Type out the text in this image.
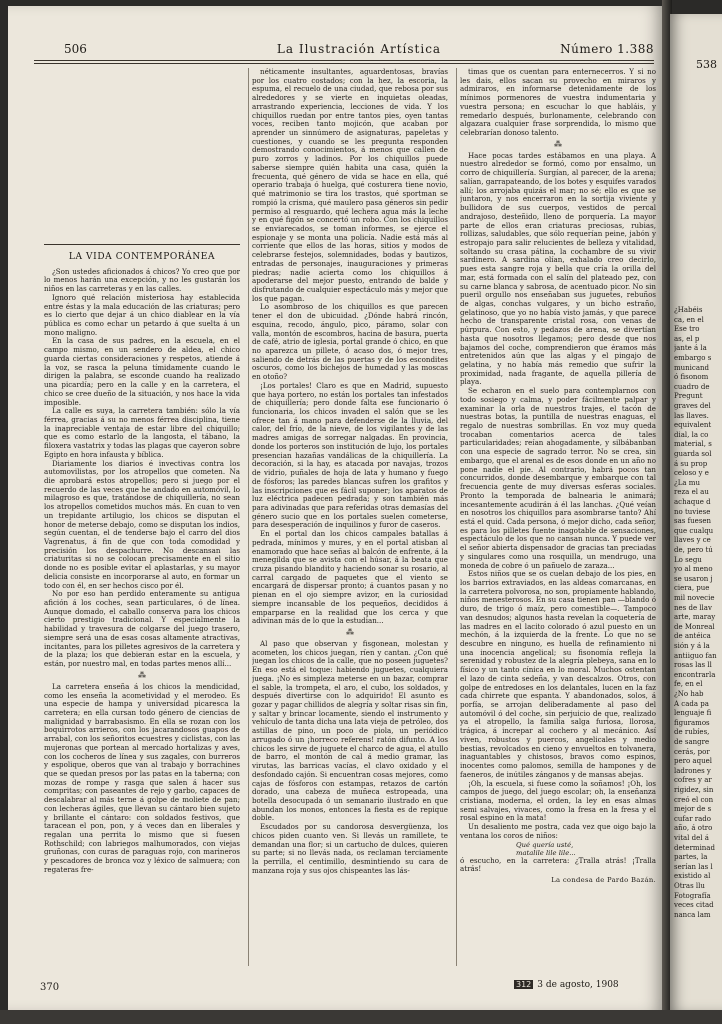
538
¿Habéis
ca, en el
Ese tro
as, el p
jante á la
embargo s
municand
ó fisonom
cuadro de
Pregunt
graves del
las llaves.
equivalent
dial, la co
material, s
guarda sol
á su prop
celoso y e
¿La mu
reza el au
achaque d
no tuviese
sas fuesen
que cualqu
llaves y ce
de, pero tú
Lo segu
yo al meno
se usaron j
ciera, pue
mil novecie
nes de llav
arte, maray
de Monreal
de antéica
sión y á la
antiiguo fan
rosas las ll
encontrarla
fe, en el
¿No hab
A cada pa
lenguaje fi
figuramos
de rubíes,
de sangre
cerás, por
pero aquel
ladrones y
cofres y ar
rigidez, sin
creó el con
mejor de s
cufar rado
año, á otro
vital del á
determinad
partes, la
serían las l
existido al
Otras llu
Fotografía
veces citad
nanca lam
506	La Ilustración Artística	Número 1.388
LA VIDA CONTEMPORÁNEA

¿Son ustedes aficionados á chicos? Yo creo que por lo menos harán una excepción, y no les gustarán los niños en las carreteras y en las calles.

Ignoro qué relación misteriosa hay establecida entre éstas y la mala educación de las criaturas; pero es lo cierto que dejar á un chico diablear en la vía pública es como echar un petardo á que suelta á un mono maligno.

En la casa de sus padres, en la escuela, en el campo mismo, en un sendero de aldea, el chico guarda ciertas consideraciones y respetos, atiende á la voz, se rasca la peluna tímidamente cuando le dirigen la palabra, se esconde cuando ha realizado una picardía; pero en la calle y en la carretera, el chico se cree dueño de la situación, y nos hace la vida imposible.

La calle es suya, la carretera también: sólo la vía férrea, gracias á su no menos férrea disciplina, tiene la inapreciable ventaja de estar libre del chiquillo; que es como estarlo de la langosta, el tábano, la filoxera vastatrix y todas las plagas que cayeron sobre Egipto en hora infausta y bíblica.

Diariamente los diarios é invectivas contra los automovilistas, por los atropellos que cometen. Na die aprobará estos atropellos; pero si juego por el recuerdo de las veces que he andado en automóvil, lo milagroso es que, tratándose de chiquillería, no sean los atropellos cometidos muchos más. En cuan to ven un trepidante artilugio, los chicos se disputan el honor de meterse debajo, como se disputan los indios, según cuentan, el de tenderse bajo el carro del dios Vagrenatus, á fin de que con toda comodidad y precisión los despachurre. No descansan las criaturitas si no se colocan precisamente en el sitio donde no es posible evitar el aplastarlas, y su mayor delicia consiste en incorporarse al auto, en formar un todo con él, en ser hechos cisco por él.

No por eso han perdido enteramente su antigua afición á los coches, sean particulares, ó de línea. Aunque domado, el caballo conserva para los chicos cierto prestigio tradicional. Y especialmente la habilidad y travesura de colgarse del juego trasero, siempre será una de esas cosas altamente atractivas, incitantes, para los pilletes agresivos de la carretera y de la plaza; los que debieran estar en la escuela, y están, por nuestro mal, en todas partes menos allí...

⁂

La carretera enseña á los chicos la mendicidad, como les enseña la acometividad y el merodeo. Es una especie de hampa y universidad picaresca la carretera; en ella cursan todo género de ciencias de malignidad y barrabasismo. En ella se rozan con los boquirrotos arrieros, con los jacarandosos guapos de arrabal, con los señoritos ecuestres y ciclistas, con las mujeronas que portean al mercado hortalizas y aves, con los cocheros de línea y sus zagales, con burreros y espolique, oberos que van al trabajo y borrachines que se quedan presos por las patas en la taberna; con mozas de rompe y rasga que salen á hacer sus compritas; con paseantes de rejo y garbo, capaces de descalabrar al más terne á golpe de moliete de pan; con lecheras ágiles, que llevan su cántaro bien sujeto y brillante el cántaro: con soldados festivos, que taracean el pon, pon, y á veces dan en liberales y regalan una perrita lo mismo que si fuesen Rothschild; con labriegos malhumorados, con viejas gruñonas, con curas de paraguas rojo, con marineros y pescadores de bronca voz y léxico de salmuera; con regateras fre-

néticamente insultantes, aguardentosas, bravías por los cuatro costados; con la hez, la escoria, la espuma, el recuelo de una ciudad, que rebosa por sus alrededores y se vierte en inquietas oleadas, arrastrando experiencia, lecciones de vida. Y los chiquillos ruedan por entre tantos pies, oyen tantas voces, reciben tanto mojicón, que acaban por aprender un sinnúmero de asignaturas, papeletas y cuestiones, y cuando se les pregunta responden demostrando conocimientos, á menos que callen de puro zorros y ladinos. Por los chiquillos puede saberse siempre quién habita una casa, quién la frecuenta, qué género de vida se hace en ella, qué operario trabaja ó huelga, qué costurera tiene novio, qué matrimonio se tira los trastos, qué sportman se rompió la crisma, qué maulero pasa géneros sin pedir permiso al resguardo, qué lechera agua más la leche y en qué figón se concertó un robo. Con los chiquillos se enviarecados, se toman informes, se ejerce el espionaje y se monta una policía. Nadie está más al corriente que ellos de las horas, sitios y modos de celebrarse festejos, solemnidades, bodas y bautizos, entradas de personajes, inauguraciones y primeras piedras; nadie acierta como los chiquillos á apoderarse del mejor puesto, entrando de balde y disfrutando de cualquier espectáculo más y mejor que los que pagan.

Lo asombroso de los chiquillos es que parecen tener el don de ubicuidad. ¿Dónde habrá rincón, esquina, recodo, ángulo, pico, páramo, solar con valla, montón de escombros, hacina de basura, puerta de café, atrio de iglesia, portal grande ó chico, en que no aparezca un pillete, ó acaso dos, ó mejor tres, saliendo de detrás de las puertas y de los escondites oscuros, como los bichejos de humedad y las moscas en otoño?

¡Los portales! Claro es que en Madrid, supuesto que haya portero, no están los portales tan infestados de chiquillería; pero donde falta ese funcionario ó funcionaria, los chicos invaden el salón que se les ofrece tan á mano para defenderse de la lluvia, del calor, del frío, de la nieve, de los vigilantes y de las madres amigas de sorregar nalgadas. En provincia, donde los porteros son institución de lujo, los portales presencian hazañas vandálicas de la chiquillería. La decoración, si la hay, es atacada por navajas, trozos de vidrio, puñales de hoja de lata y humano y fuego de fósforos; las paredes blancas sufren los grafitos y las inscripciones que es fácil suponer; los aparatos de luz eléctrica padecen pedrada; y son también más para adivinadas que para referidas otras demasías del género sucio que en los portales suelen cometerse, para desesperación de inquilinos y furor de caseros.

En el portal dan los chicos campales batallas á pedrada, mínimos y mures, y en el portal atisban al enamorado que hace señas al balcón de enfrente, á la menegilda que se avista con el húsar, á la beata que cruza pisando blandito y haciendo sonar su rosario, al carral cargado de paquetes que el viento se encargará de dispersar pronto; á cuantos pasan y no pienan en el ojo siempre avizor, en la curiosidad siempre incansable de los pequeños, decididos á emparparse en la realidad que los cerca y que adivinan más de lo que la estudian...

⁂

Al paso que observan y fisgonean, molestan y acometen, los chicos juegan, ríen y cantan. ¿Con qué juegan los chicos de la calle, que no poseen juguetes? En eso está el toque: habiendo juguetes, cualquiera juega. ¡No es simpleza meterse en un bazar, comprar el sable, la trompeta, el aro, el cubo, los soldados, y después divertirse con lo adquirido! El asunto es gozar y pagar chillidos de alegría y soltar risas sin fin, y saltar y brincar locamente, siendo el instrumento y vehículo de tanta dicha una lata vieja de petróleo, dos astillas de pino, un poco de piola, un periódico arrugado ó un ¡horreco referens! ratón difunto. A los chicos les sirve de juguete el charco de agua, el atullo de barro, el montón de cal á medio gramar, las virutas, las barricas vacías, el clavo oxidado y el desfondado cajón. Si encuentran cosas mejores, como cajas de fósforos con estampas, retazos de cartón dorado, una cabeza de muñeca estropeada, una botella desocupada ó un semanario ilustrado en que abundan los monos, entonces la fiesta es de repique doble.

Escudados por su candorosa desvergüenza, los chicos piden cuanto ven. Si llevás un ramillete, te demandan una flor; si un cartucho de dulces, quieren su parte; si no llevás nada, os reclaman terciamente la perrilla, el centimillo, desmintiendo su cara de manzana roja y sus ojos chispeantes las lás-

timas que os cuentan para enternecerros. Y si no les dais, ellos sacan su provecho en miraros y admiraros, en informarse detenidamente de los mínimos pormenores de vuestra indumentaria y vuestra persona; en escuchar lo que habláis, y remedarlo después, burlonamente, celebrando con algazara cualquier frase sorprendida, lo mismo que celebrarían donoso talento.

⁂

Hace pocas tardes estábamos en una playa. A nuestro alrededor se formó, como por ensalmo, un corro de chiquillería. Surgían, al parecer, de la arena; salían, garrapateando, de los botes y esquifes varados allí; los arrojaba quizás el mar; no sé; ello es que se juntaron, y nos encerraron en la sortija viviente y bullidora de sus cuerpos, vestidos de percal andrajoso, desteñido, lleno de porquería. La mayor parte de ellos eran criaturas preciosas, rubias, rollizas, saludables, que sólo requerían peine, jabón y estropajo para salir relucientes de belleza y vitalidad, soltando su crasa pátina, la cochambre de su vivir sardinero. A sardina olían, exhalado creo decirlo, pues esta sangre roja y bella que cría la orilla del mar, está formada con el salín del plateado pez, con su carne blanca y sabrosa, de acentuado picor. No sin pueril orgullo nos enseñaban sus juguetes, rebuños de algas, conchas vulgares, y un bicho estraño, gelatinoso, que yo no había visto jamás, y que parece hecho de transparente cristal rosa, con venas de púrpura. Con esto, y pedazos de arena, se divertían hasta que nosotros llegamos; pero desde que nos bajamos del coche, comprendieron que éramos más entretenidos aún que las algas y el pingajo de gelatina, y no había más remedio que sufrir la proximidad, nada fragante, de aquella pillería de playa.

Se echaron en el suelo para contemplarnos con todo sosiego y calma, y poder fácilmente palpar y examinar la orla de nuestros trajes, el tacón de nuestras botas, la puntilla de nuestras enaguas, el regalo de nuestras sombrillas. En voz muy queda trocaban comentarios acerca de tales particularidades; reían ahogadamente, y silbábanban con una especie de sagrado terror. No se crea, sin embargo, que el arenal es de esos donde en un año no pone nadie el pie. Al contrario, habrá pocos tan concurridos, donde desembarque y embarque con tal frecuencia gente de muy diversas esferas sociales. Pronto la temporada de balnearia le animará; incesantemente acudirán á él las lanchas. ¿Qué veían en nosotros los chiquillos para asombrarse tanto? Ahí está el quid. Cada persona, ó mejor dicho, cada señor, es para los pilletes fuente inagotable de sensaciones, espectáculo de los que no cansan nunca. Y puede ver el señor abierta dispensador de gracias tan preciadas y singulares como una rosquilla, un mendrugo, una moneda de cobre ó un pañuelo de zaraza...

Estos niños que se os cuelan debajo de los pies, en los barrios extraviados, en las aldeas comarcanas, en la carretera polvorosa, no son, propiamente hablando, niños menesterosos. En su casa tienen pan —blando ó duro, de trigo ó maíz, pero comestible—. Tampoco van desnudos; algunos hasta revelan la coquetería de las madres en el lacito colorado ó azul puesto en un mechón, á la izquierda de la frente. Lo que no se descubre en ninguno, es huella de refinamiento ni una inocencia angelical; su fisonomía refleja la serenidad y robustez de la alegría plebeya, sana en lo físico y un tanto cínica en lo moral. Muchos ostentan el lazo de cinta sedeña, y van descalzos. Otros, con golpe de entredoses en los delantales, lucen en la faz cada chirrete que espanta. Y abandonados, solos, á porfía, se arrojan deliberadamente al paso del automóvil ó del coche, sin perjuicio de que, realizado ya el atropello, la familia salga furiosa, llorosa, trágica, á increpar al cochero y al mecánico. Así viven, robustos y puercos, angelicales y medio bestias, revolcados en cieno y envueltos en tolvanera, inaguantables y chistosos, bravos como espinos, inocentes como palomos, semilla de hampones y de faeneros, de inútiles zánganos y de mansas abejas.

¡Oh, la escuela, si fuese como la soñamos! ¡Oh, los campos de juego, del juego escolar; oh, la enseñanza cristiana, moderna, el orden, la ley en esas almas semi salvajes, vivaces, como la fresa en la fresa y el rosal espino en la mata!

Un desaliento me postra, cada vez que oigo bajo la ventana los coros de niños:

Qué quería usté,
matalile lile lile...

ó escucho, en la carretera: ¿Tralla atrás! ¡Tralla atrás!

La condesa de Pardo Bazán.
370	312 3 de agosto, 1908
